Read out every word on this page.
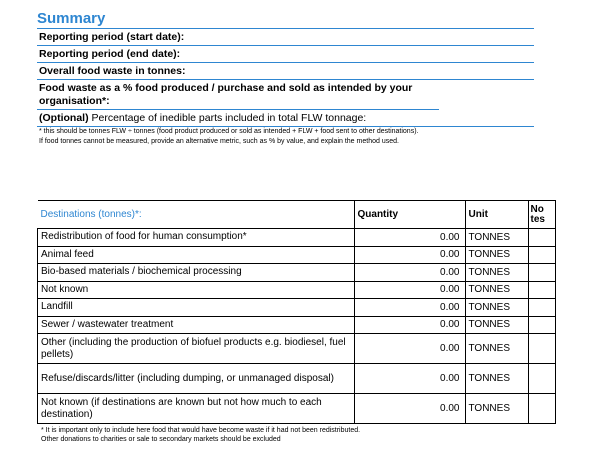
Summary
Reporting period (start date):
Reporting period (end date):
Overall food waste in tonnes:
Food waste as a % food produced / purchase and sold as intended by your organisation*:
(Optional) Percentage of inedible parts included in total FLW tonnage:
* this should be tonnes FLW ÷ tonnes (food product produced or sold as intended + FLW + food sent to other destinations).
If food tonnes cannot be measured, provide an alternative metric, such as % by value, and explain the method used.
Destinations (tonnes)*:	Quantity	Unit	No tes
Redistribution of food for human consumption*	0.00	TONNES	
Animal feed	0.00	TONNES	
Bio-based materials / biochemical processing	0.00	TONNES	
Not known	0.00	TONNES	
Landfill	0.00	TONNES	
Sewer / wastewater treatment	0.00	TONNES	
Other (including the production of biofuel products e.g. biodiesel, fuel pellets)	0.00	TONNES	
Refuse/discards/litter (including dumping, or unmanaged disposal)	0.00	TONNES	
Not known (if destinations are known but not how much to each destination)	0.00	TONNES	
* It is important only to include here food that would have become waste if it had not been redistributed. Other donations to charities or sale to secondary markets should be excluded
